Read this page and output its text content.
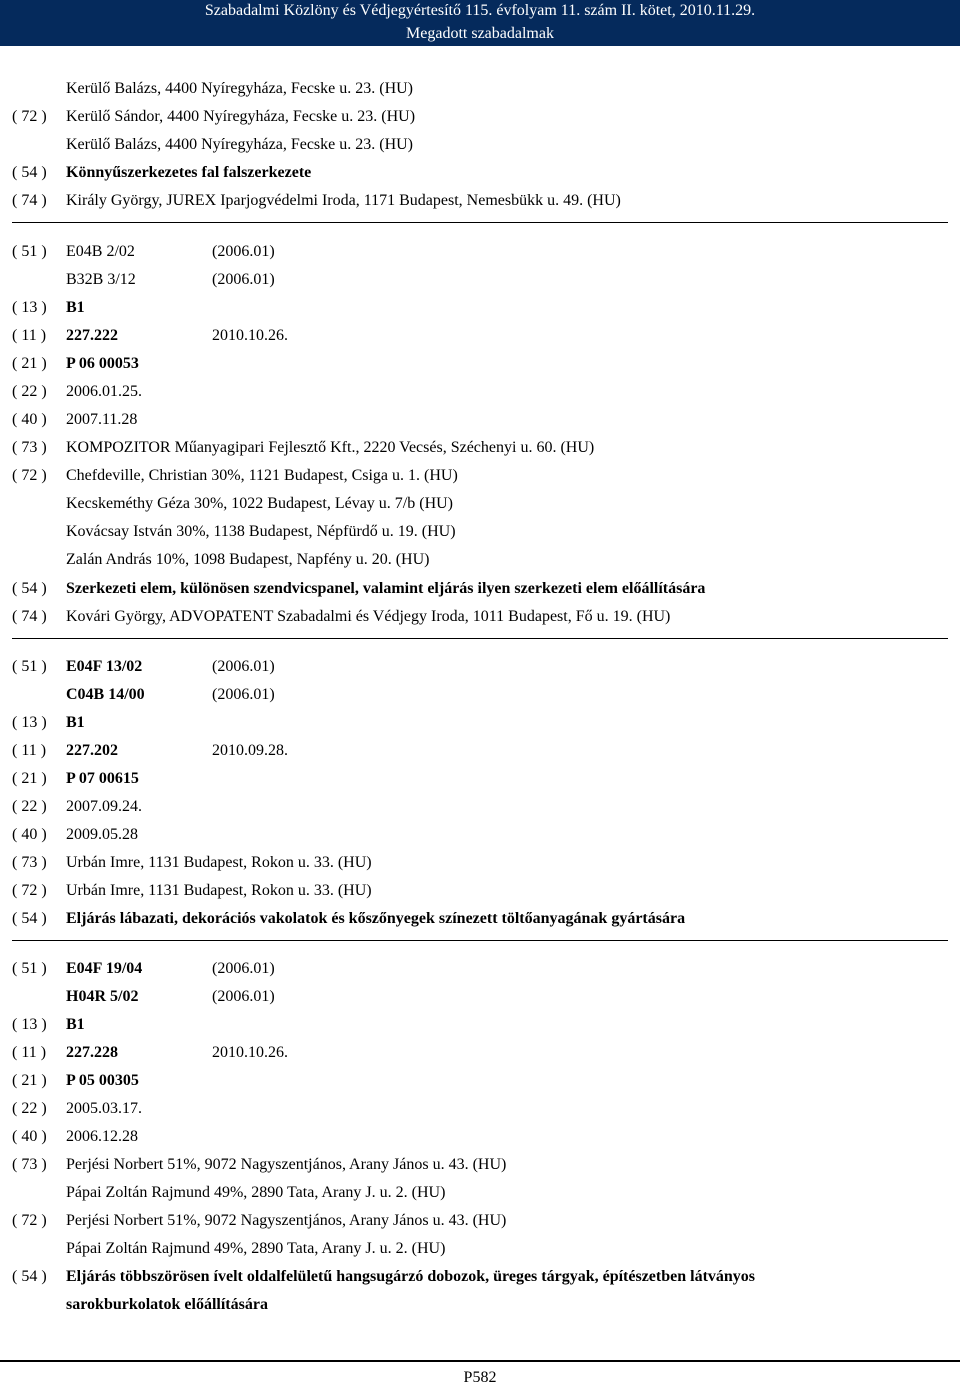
Szabadalmi Közlöny és Védjegyértesítő 115. évfolyam 11. szám II. kötet, 2010.11.29.
Megadott szabadalmak
Kerülő Balázs, 4400 Nyíregyháza, Fecske u. 23. (HU)
( 72 )	Kerülő Sándor, 4400 Nyíregyháza, Fecske u. 23. (HU)
Kerülő Balázs, 4400 Nyíregyháza, Fecske u. 23. (HU)
( 54 )	Könnyűszerkezetes fal falszerkezete
( 74 )	Király György, JUREX Iparjogvédelmi Iroda, 1171 Budapest, Nemesbükk u. 49. (HU)
( 51 )	E04B 2/02	(2006.01)
B32B 3/12	(2006.01)
( 13 )	B1
( 11 )	227.222	2010.10.26.
( 21 )	P 06 00053
( 22 )	2006.01.25.
( 40 )	2007.11.28
( 73 )	KOMPOZITOR Műanyagipari Fejlesztő Kft., 2220 Vecsés, Széchenyi u. 60. (HU)
( 72 )	Chefdeville, Christian 30%, 1121 Budapest, Csiga u. 1. (HU)
Kecskeméthy Géza 30%, 1022 Budapest, Lévay u. 7/b (HU)
Kovácsay István 30%, 1138 Budapest, Népfürdő u. 19. (HU)
Zalán András 10%, 1098 Budapest, Napfény u. 20. (HU)
( 54 )	Szerkezeti elem, különösen szendvicspanel, valamint eljárás ilyen szerkezeti elem előállítására
( 74 )	Kovári György, ADVOPATENT Szabadalmi és Védjegy Iroda, 1011 Budapest, Fő u. 19. (HU)
( 51 )	E04F 13/02	(2006.01)
C04B 14/00	(2006.01)
( 13 )	B1
( 11 )	227.202	2010.09.28.
( 21 )	P 07 00615
( 22 )	2007.09.24.
( 40 )	2009.05.28
( 73 )	Urbán Imre, 1131 Budapest, Rokon u. 33. (HU)
( 72 )	Urbán Imre, 1131 Budapest, Rokon u. 33. (HU)
( 54 )	Eljárás lábazati, dekorációs vakolatok és kőszőnyegek színezett töltőanyagának gyártására
( 51 )	E04F 19/04	(2006.01)
H04R 5/02	(2006.01)
( 13 )	B1
( 11 )	227.228	2010.10.26.
( 21 )	P 05 00305
( 22 )	2005.03.17.
( 40 )	2006.12.28
( 73 )	Perjési Norbert 51%, 9072 Nagyszentjános, Arany János u. 43. (HU)
Pápai Zoltán Rajmund 49%, 2890 Tata, Arany J. u. 2. (HU)
( 72 )	Perjési Norbert 51%, 9072 Nagyszentjános, Arany János u. 43. (HU)
Pápai Zoltán Rajmund 49%, 2890 Tata, Arany J. u. 2. (HU)
( 54 )	Eljárás többszörösen ívelt oldalfelületű hangsugárzó dobozok, üreges tárgyak, építészetben látványos
sarokburkolatok előállítására
P582
